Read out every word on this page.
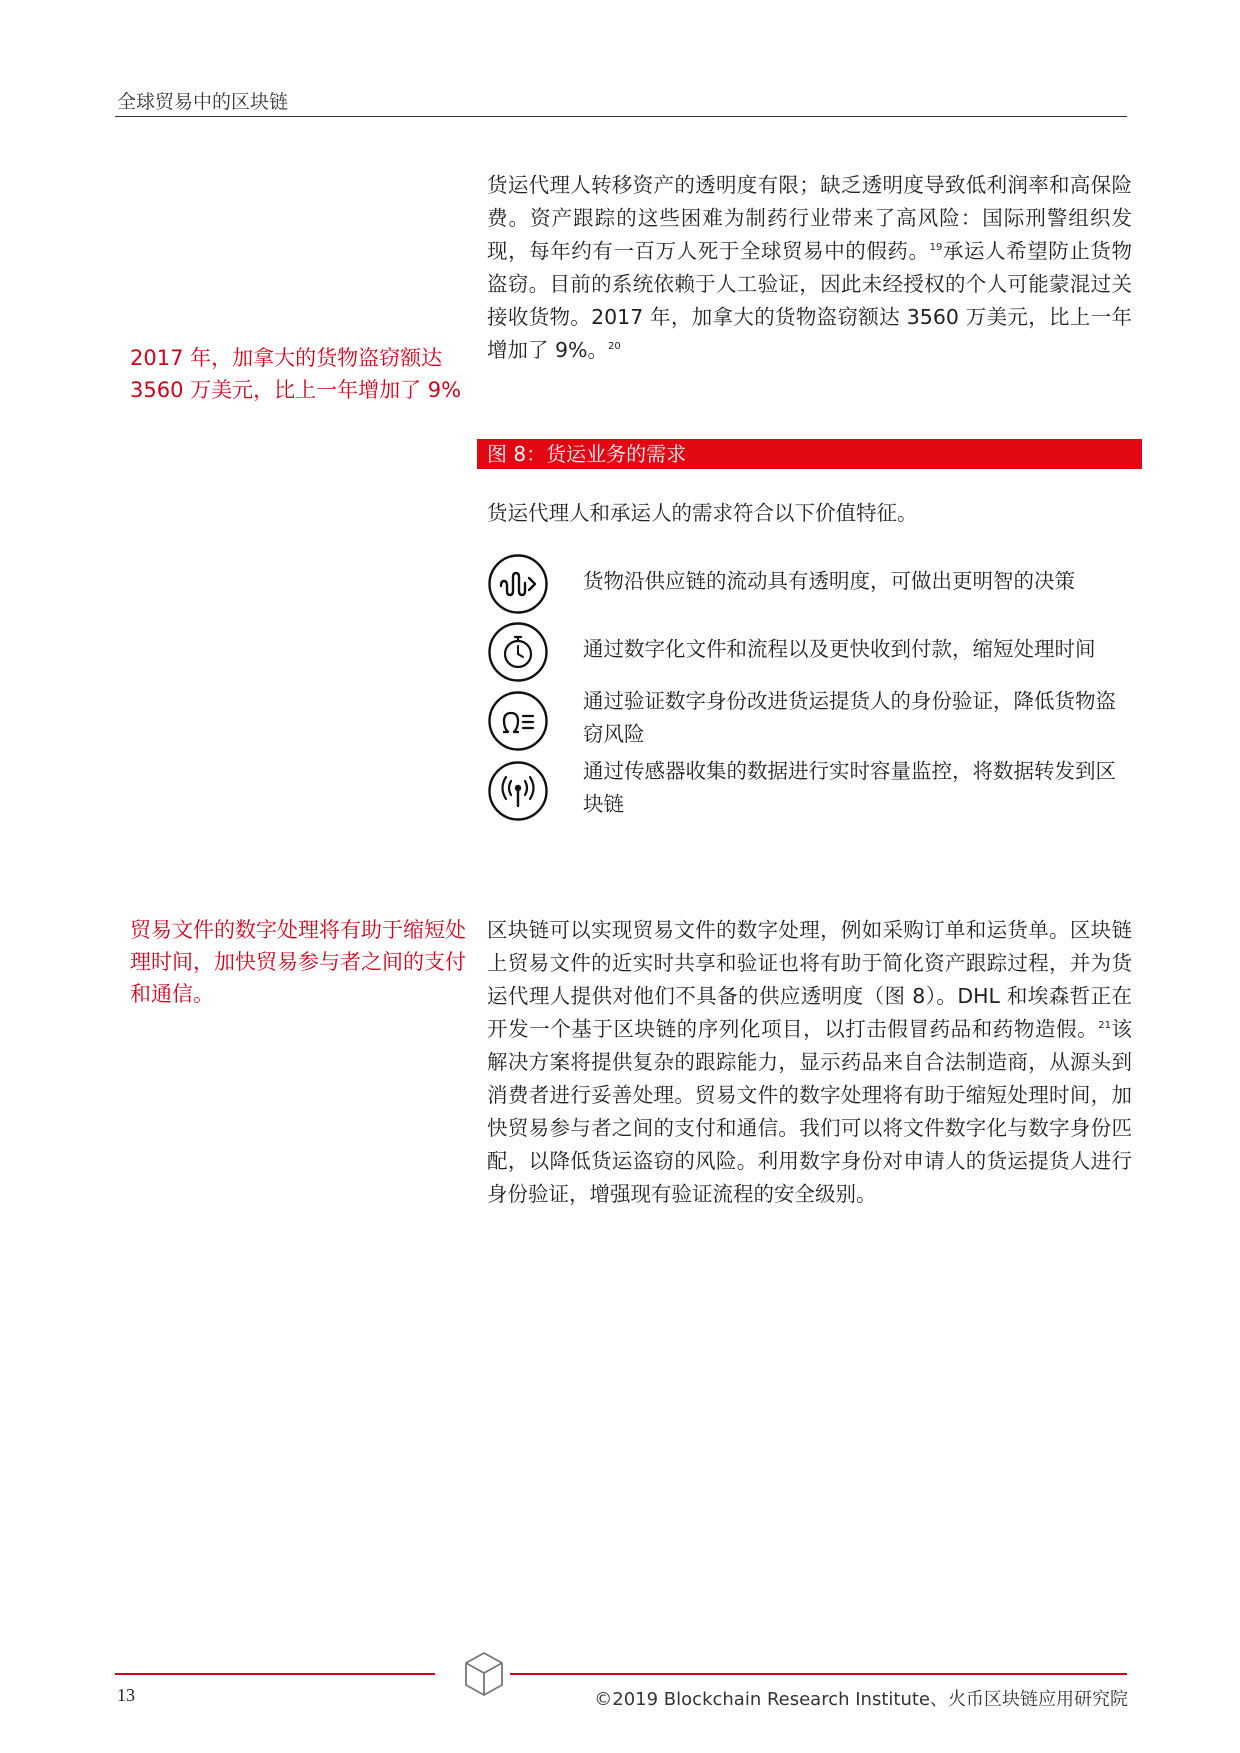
全球贸易中的区块链

货运代理人转移资产的透明度有限；缺乏透明度导致低利润率和高保险费。资产跟踪的这些困难为制药行业带来了高风险：国际刑警组织发现，每年约有一百万人死于全球贸易中的假药。$^{19}$承运人希望防止货物盗窃。目前的系统依赖于人工验证，因此未经授权的个人可能蒙混过关接收货物。2017 年，加拿大的货物盗窃额达 3560 万美元，比上一年增加了 9%。$^{20}$

2017 年，加拿大的货物盗窃额达 3560 万美元，比上一年增加了 9%

图 8：货运业务的需求
货运代理人和承运人的需求符合以下价值特征。
货物沿供应链的流动具有透明度，可做出更明智的决策
通过数字化文件和流程以及更快收到付款，缩短处理时间
通过验证数字身份改进货运提货人的身份验证，降低货物盗窃风险
通过传感器收集的数据进行实时容量监控，将数据转发到区块链

贸易文件的数字处理将有助于缩短处理时间，加快贸易参与者之间的支付和通信。

区块链可以实现贸易文件的数字处理，例如采购订单和运货单。区块链上贸易文件的近实时共享和验证也将有助于简化资产跟踪过程，并为货运代理人提供对他们不具备的供应透明度（图 8）。DHL 和埃森哲正在开发一个基于区块链的序列化项目，以打击假冒药品和药物造假。$^{21}$该解决方案将提供复杂的跟踪能力，显示药品来自合法制造商，从源头到消费者进行妥善处理。贸易文件的数字处理将有助于缩短处理时间，加快贸易参与者之间的支付和通信。我们可以将文件数字化与数字身份匹配，以降低货运盗窃的风险。利用数字身份对申请人的货运提货人进行身份验证，增强现有验证流程的安全级别。

13	©2019 Blockchain Research Institute、火币区块链应用研究院
